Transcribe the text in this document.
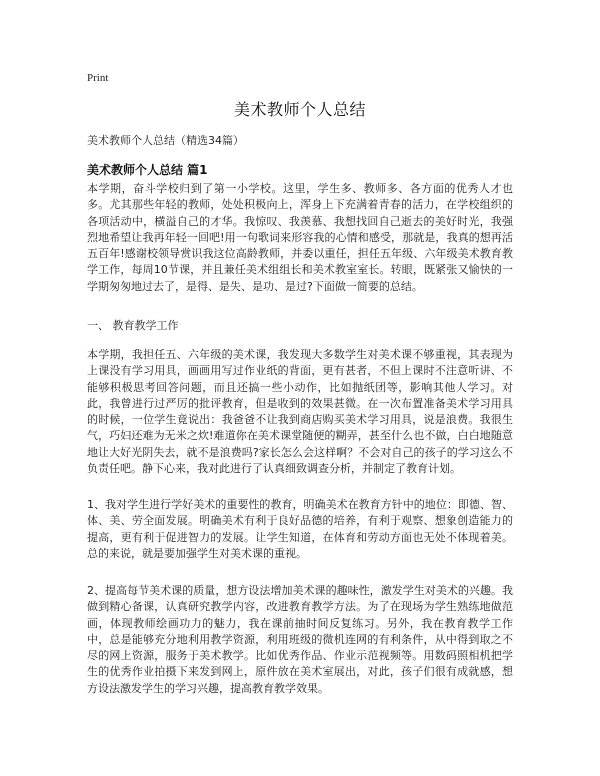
Print
美术教师个人总结
美术教师个人总结（精选34篇）
美术教师个人总结 篇1

本学期，奋斗学校归到了第一小学校。这里，学生多、教师多、各方面的优秀人才也多。尤其那些年轻的教师，处处积极向上，浑身上下充满着青春的活力，在学校组织的各项活动中，横溢自己的才华。我惊叹、我羡慕、我想找回自己逝去的美好时光，我强烈地希望让我再年轻一回吧!用一句歌词来形容我的心情和感受，那就是，我真的想再活五百年!感谢校领导赏识我这位高龄教师，并委以重任，担任五年级、六年级美术教育教学工作，每周10节课，并且兼任美术组组长和美术教室室长。转眼，既紧张又愉快的一学期匆匆地过去了，是得、是失、是功、是过?下面做一简要的总结。

一、 教育教学工作

本学期，我担任五、六年级的美术课，我发现大多数学生对美术课不够重视，其表现为上课没有学习用具，画画用写过作业纸的背面，更有甚者，不但上课时不注意听讲、不能够积极思考回答问题，而且还搞一些小动作，比如抛纸团等，影响其他人学习。对此，我曾进行过严厉的批评教育，但是收到的效果甚微。在一次布置准备美术学习用具的时候，一位学生竟说出：我爸爸不让我到商店购买美术学习用具，说是浪费。我很生气，巧妇还难为无米之炊!难道你在美术课堂随便的糊弄，甚至什么也不做，白白地随意地让大好光阴失去，就不是浪费吗?家长怎么会这样啊？不会对自己的孩子的学习这么不负责任吧。静下心来，我对此进行了认真细致调查分析，并制定了教育计划。

1、我对学生进行学好美术的重要性的教育，明确美术在教育方针中的地位：即德、智、体、美、劳全面发展。明确美术有利于良好品德的培养，有利于观察、想象创造能力的提高，更有利于促进智力的发展。让学生知道，在体育和劳动方面也无处不体现着美。总的来说，就是要加强学生对美术课的重视。

2、提高每节美术课的质量，想方设法增加美术课的趣味性，激发学生对美术的兴趣。我做到精心备课，认真研究教学内容，改进教育教学方法。为了在现场为学生熟练地做范画，体现教师绘画功力的魅力，我在课前抽时间反复练习。另外，我在教育教学工作中，总是能够充分地利用教学资源，利用班级的微机连网的有利条件，从中得到取之不尽的网上资源，服务于美术教学。比如优秀作品、作业示范视频等。用数码照相机把学生的优秀作业拍摄下来发到网上，原件放在美术室展出，对此，孩子们很有成就感，想方设法激发学生的学习兴趣，提高教育教学效果。
